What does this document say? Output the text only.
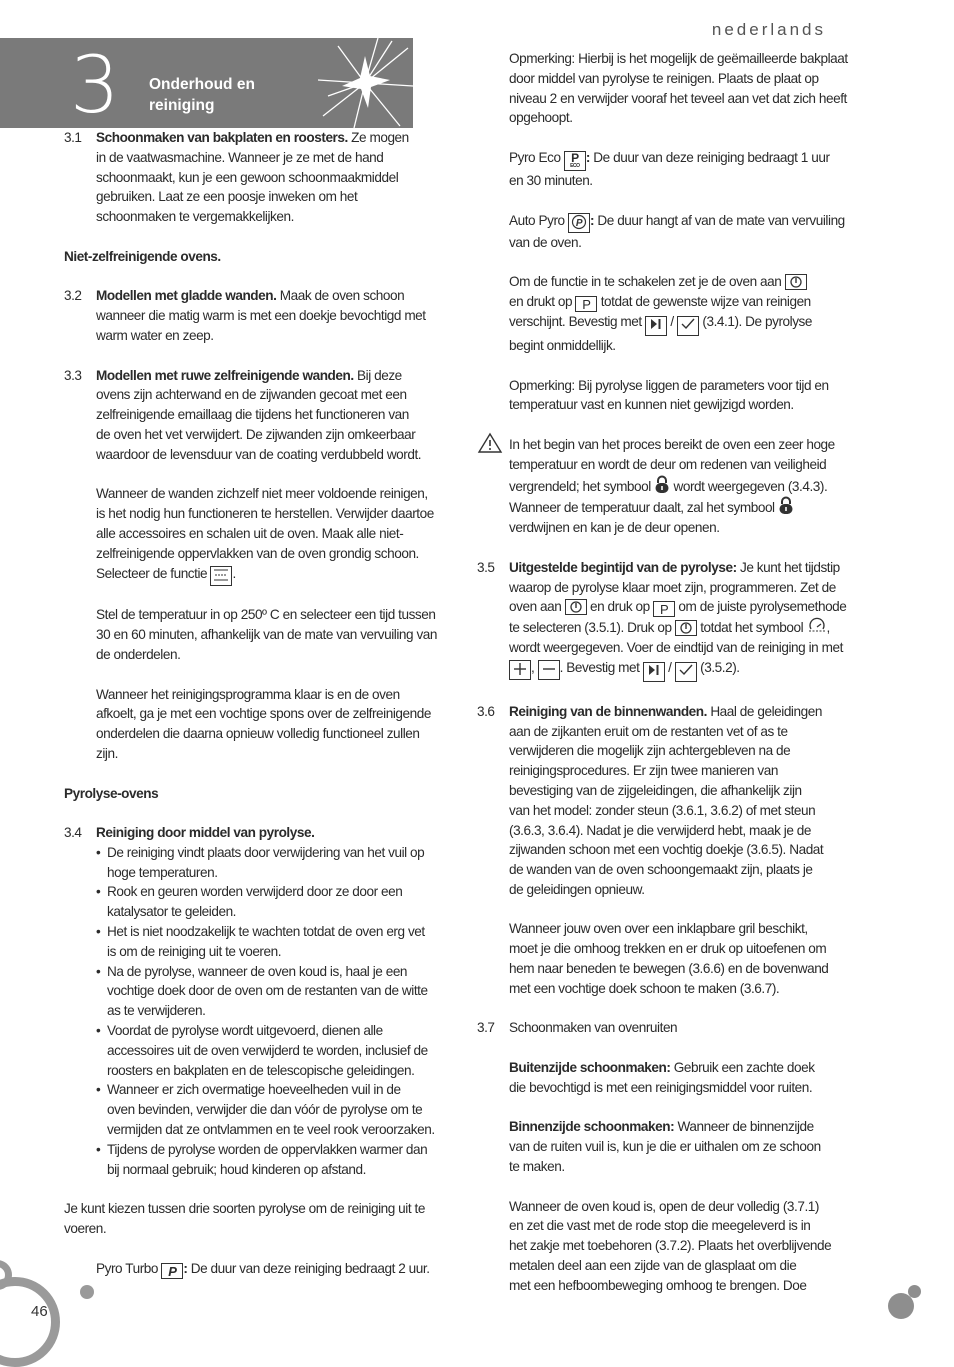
nederlands
3 Onderhoud en
reiniging
3.1 Schoonmaken van bakplaten en roosters. Ze mogen
in de vaatwasmachine. Wanneer je ze met de hand
schoonmaakt, kun je een gewoon schoonmaakmiddel
gebruiken. Laat ze een poosje inweken om het
schoonmaken te vergemakkelijken.
Niet-zelfreinigende ovens.
3.2 Modellen met gladde wanden. Maak de oven schoon
wanneer die matig warm is met een doekje bevochtigd met
warm water en zeep.
3.3 Modellen met ruwe zelfreinigende wanden. Bij deze
ovens zijn achterwand en de zijwanden gecoat met een
zelfreinigende emaillaag die tijdens het functioneren van
de oven het vet verwijdert. De zijwanden zijn omkeerbaar
waardoor de levensduur van de coating verdubbeld wordt.
Wanneer de wanden zichzelf niet meer voldoende reinigen,
is het nodig hun functioneren te herstellen. Verwijder daartoe
alle accessoires en schalen uit de oven. Maak alle niet-
zelfreinigende oppervlakken van de oven grondig schoon.
Selecteer de functie .
Stel de temperatuur in op 250º C en selecteer een tijd tussen
30 en 60 minuten, afhankelijk van de mate van vervuiling van
de onderdelen.
Wanneer het reinigingsprogramma klaar is en de oven
afkoelt, ga je met een vochtige spons over de zelfreinigende
onderdelen die daarna opnieuw volledig functioneel zullen
zijn.
Pyrolyse-ovens
3.4 Reiniging door middel van pyrolyse.
• De reiniging vindt plaats door verwijdering van het vuil op
hoge temperaturen.
• Rook en geuren worden verwijderd door ze door een
katalysator te geleiden.
• Het is niet noodzakelijk te wachten totdat de oven erg vet
is om de reiniging uit te voeren.
• Na de pyrolyse, wanneer de oven koud is, haal je een
vochtige doek door de oven om de restanten van de witte
as te verwijderen.
• Voordat de pyrolyse wordt uitgevoerd, dienen alle
accessoires uit de oven verwijderd te worden, inclusief de
roosters en bakplaten en de telescopische geleidingen.
• Wanneer er zich overmatige hoeveelheden vuil in de
oven bevinden, verwijder die dan vóór de pyrolyse om te
vermijden dat ze ontvlammen en te veel rook veroorzaken.
• Tijdens de pyrolyse worden de oppervlakken warmer dan
bij normaal gebruik; houd kinderen op afstand.
Je kunt kiezen tussen drie soorten pyrolyse om de reiniging uit te
voeren.
Pyro Turbo P : De duur van deze reiniging bedraagt 2 uur.
Opmerking: Hierbij is het mogelijk de geëmailleerde bakplaat
door middel van pyrolyse te reinigen. Plaats de plaat op
niveau 2 en verwijder vooraf het teveel aan vet dat zich heeft
opgehoopt.
Pyro Eco P
ECO
: De duur van deze reiniging bedraagt 1 uur
en 30 minuten.
Auto Pyro P : De duur hangt af van de mate van vervuiling
van de oven.
Om de functie in te schakelen zet je de oven aan
en drukt op P totdat de gewenste wijze van reinigen
verschijnt. Bevestig met / (3.4.1). De pyrolyse
begint onmiddellijk.
Opmerking: Bij pyrolyse liggen de parameters voor tijd en
temperatuur vast en kunnen niet gewijzigd worden.
In het begin van het proces bereikt de oven een zeer hoge
temperatuur en wordt de deur om redenen van veiligheid
vergrendeld; het symbool wordt weergegeven (3.4.3).
Wanneer de temperatuur daalt, zal het symbool
verdwijnen en kan je de deur openen.
3.5 Uitgestelde begintijd van de pyrolyse: Je kunt het tijdstip
waarop de pyrolyse klaar moet zijn, programmeren. Zet de
oven aan en druk op P om de juiste pyrolysemethode
te selecteren (3.5.1). Druk op totdat het symbool ,
wordt weergegeven. Voer de eindtijd van de reiniging in met
, . Bevestig met / (3.5.2).
3.6 Reiniging van de binnenwanden. Haal de geleidingen
aan de zijkanten eruit om de restanten vet of as te
verwijderen die mogelijk zijn achtergebleven na de
reinigingsprocedures. Er zijn twee manieren van
bevestiging van de zijgeleidingen, die afhankelijk zijn
van het model: zonder steun (3.6.1, 3.6.2) of met steun
(3.6.3, 3.6.4). Nadat je die verwijderd hebt, maak je de
zijwanden schoon met een vochtig doekje (3.6.5). Nadat
de wanden van de oven schoongemaakt zijn, plaats je
de geleidingen opnieuw.
Wanneer jouw oven over een inklapbare gril beschikt,
moet je die omhoog trekken en er druk op uitoefenen om
hem naar beneden te bewegen (3.6.6) en de bovenwand
met een vochtige doek schoon te maken (3.6.7).
3.7 Schoonmaken van ovenruiten
Buitenzijde schoonmaken: Gebruik een zachte doek
die bevochtigd is met een reinigingsmiddel voor ruiten.
Binnenzijde schoonmaken: Wanneer de binnenzijde
van de ruiten vuil is, kun je die er uithalen om ze schoon
te maken.
Wanneer de oven koud is, open de deur volledig (3.7.1)
en zet die vast met de rode stop die meegeleverd is in
het zakje met toebehoren (3.7.2). Plaats het overblijvende
metalen deel aan een zijde van de glasplaat om die
met een hefboombeweging omhoog te brengen. Doe
46
